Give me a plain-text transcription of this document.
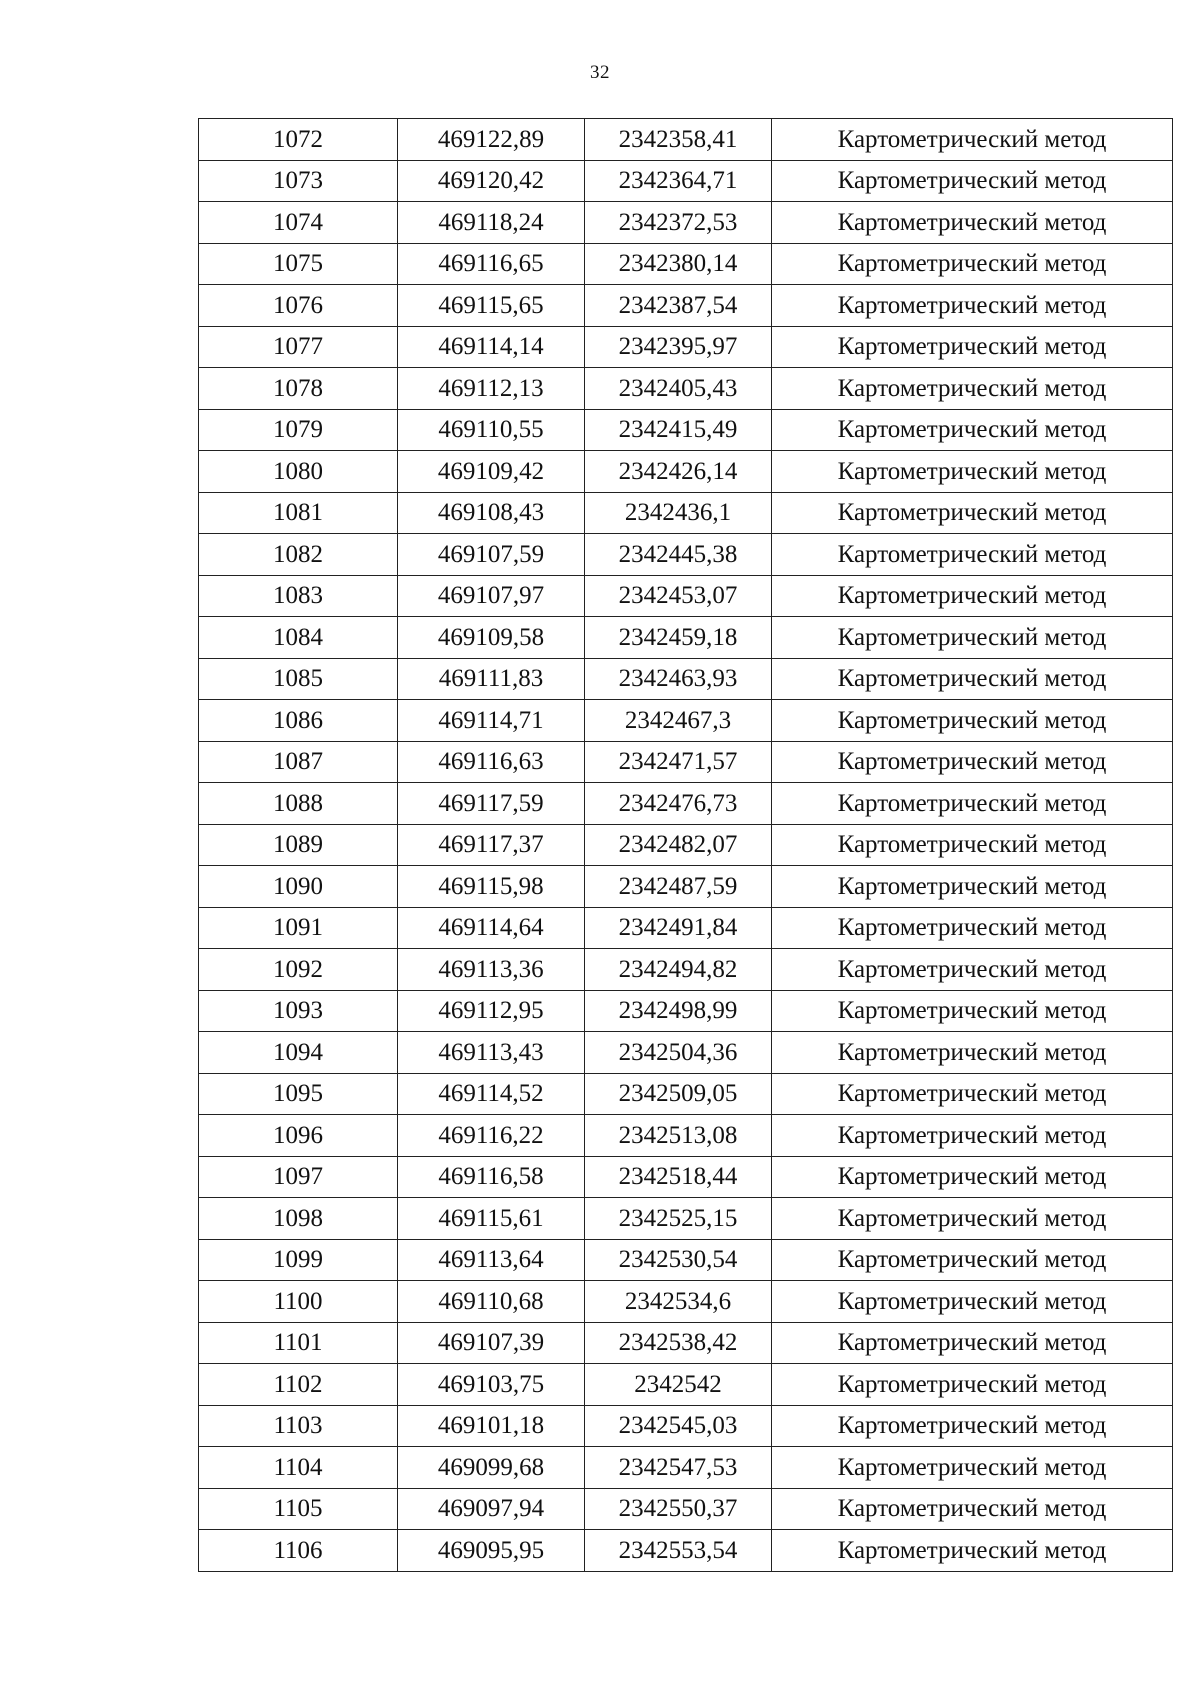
32
1072	469122,89	2342358,41	Картометрический метод
1073	469120,42	2342364,71	Картометрический метод
1074	469118,24	2342372,53	Картометрический метод
1075	469116,65	2342380,14	Картометрический метод
1076	469115,65	2342387,54	Картометрический метод
1077	469114,14	2342395,97	Картометрический метод
1078	469112,13	2342405,43	Картометрический метод
1079	469110,55	2342415,49	Картометрический метод
1080	469109,42	2342426,14	Картометрический метод
1081	469108,43	2342436,1	Картометрический метод
1082	469107,59	2342445,38	Картометрический метод
1083	469107,97	2342453,07	Картометрический метод
1084	469109,58	2342459,18	Картометрический метод
1085	469111,83	2342463,93	Картометрический метод
1086	469114,71	2342467,3	Картометрический метод
1087	469116,63	2342471,57	Картометрический метод
1088	469117,59	2342476,73	Картометрический метод
1089	469117,37	2342482,07	Картометрический метод
1090	469115,98	2342487,59	Картометрический метод
1091	469114,64	2342491,84	Картометрический метод
1092	469113,36	2342494,82	Картометрический метод
1093	469112,95	2342498,99	Картометрический метод
1094	469113,43	2342504,36	Картометрический метод
1095	469114,52	2342509,05	Картометрический метод
1096	469116,22	2342513,08	Картометрический метод
1097	469116,58	2342518,44	Картометрический метод
1098	469115,61	2342525,15	Картометрический метод
1099	469113,64	2342530,54	Картометрический метод
1100	469110,68	2342534,6	Картометрический метод
1101	469107,39	2342538,42	Картометрический метод
1102	469103,75	2342542	Картометрический метод
1103	469101,18	2342545,03	Картометрический метод
1104	469099,68	2342547,53	Картометрический метод
1105	469097,94	2342550,37	Картометрический метод
1106	469095,95	2342553,54	Картометрический метод
